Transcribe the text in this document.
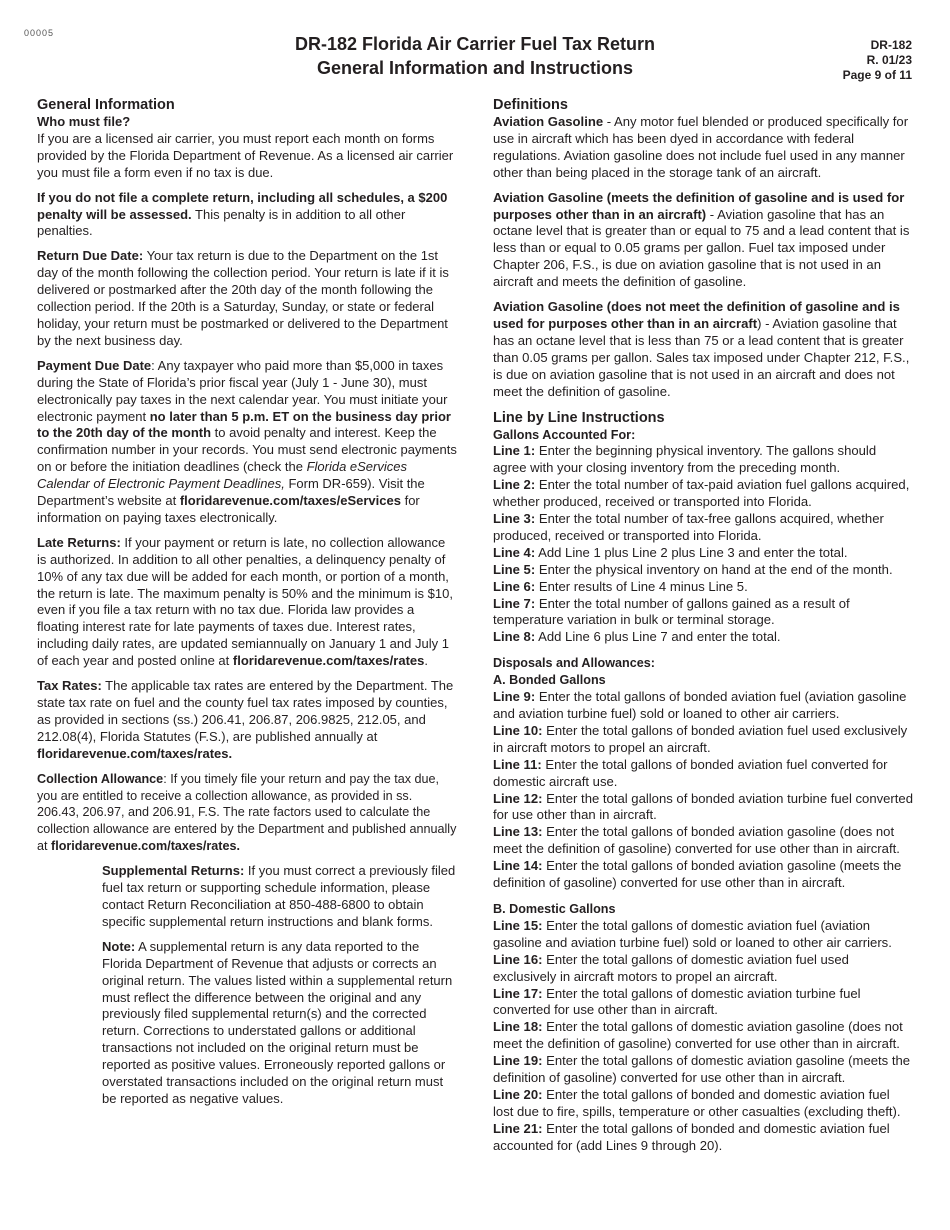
00005
DR-182 Florida Air Carrier Fuel Tax Return
General Information and Instructions
DR-182
R. 01/23
Page 9 of 11
General Information

Who must file?
If you are a licensed air carrier, you must report each month on forms provided by the Florida Department of Revenue. As a licensed air carrier you must file a form even if no tax is due.

If you do not file a complete return, including all schedules, a $200 penalty will be assessed. This penalty is in addition to all other penalties.

Return Due Date: Your tax return is due to the Department on the 1st day of the month following the collection period. Your return is late if it is delivered or postmarked after the 20th day of the month following the collection period. If the 20th is a Saturday, Sunday, or state or federal holiday, your return must be postmarked or delivered to the Department by the next business day.

Payment Due Date: Any taxpayer who paid more than $5,000 in taxes during the State of Florida’s prior fiscal year (July 1 - June 30), must electronically pay taxes in the next calendar year. You must initiate your electronic payment no later than 5 p.m. ET on the business day prior to the 20th day of the month to avoid penalty and interest. Keep the confirmation number in your records. You must send electronic payments on or before the initiation deadlines (check the Florida eServices Calendar of Electronic Payment Deadlines, Form DR-659). Visit the Department’s website at floridarevenue.com/taxes/eServices for information on paying taxes electronically.

Late Returns: If your payment or return is late, no collection allowance is authorized. In addition to all other penalties, a delinquency penalty of 10% of any tax due will be added for each month, or portion of a month, the return is late. The maximum penalty is 50% and the minimum is $10, even if you file a tax return with no tax due. Florida law provides a floating interest rate for late payments of taxes due. Interest rates, including daily rates, are updated semiannually on January 1 and July 1 of each year and posted online at floridarevenue.com/taxes/rates.

Tax Rates: The applicable tax rates are entered by the Department. The state tax rate on fuel and the county fuel tax rates imposed by counties, as provided in sections (ss.) 206.41, 206.87, 206.9825, 212.05, and 212.08(4), Florida Statutes (F.S.), are published annually at floridarevenue.com/taxes/rates.

Collection Allowance: If you timely file your return and pay the tax due, you are entitled to receive a collection allowance, as provided in ss. 206.43, 206.97, and 206.91, F.S. The rate factors used to calculate the collection allowance are entered by the Department and published annually at floridarevenue.com/taxes/rates.

Supplemental Returns: If you must correct a previously filed fuel tax return or supporting schedule information, please contact Return Reconciliation at 850-488-6800 to obtain specific supplemental return instructions and blank forms.

Note: A supplemental return is any data reported to the Florida Department of Revenue that adjusts or corrects an original return. The values listed within a supplemental return must reflect the difference between the original and any previously filed supplemental return(s) and the corrected return. Corrections to understated gallons or additional transactions not included on the original return must be reported as positive values. Erroneously reported gallons or overstated transactions included on the original return must be reported as negative values.

Definitions

Aviation Gasoline - Any motor fuel blended or produced specifically for use in aircraft which has been dyed in accordance with federal regulations. Aviation gasoline does not include fuel used in any manner other than being placed in the storage tank of an aircraft.

Aviation Gasoline (meets the definition of gasoline and is used for purposes other than in an aircraft) - Aviation gasoline that has an octane level that is greater than or equal to 75 and a lead content that is less than or equal to 0.05 grams per gallon. Fuel tax imposed under Chapter 206, F.S., is due on aviation gasoline that is not used in an aircraft and meets the definition of gasoline.

Aviation Gasoline (does not meet the definition of gasoline and is used for purposes other than in an aircraft) - Aviation gasoline that has an octane level that is less than 75 or a lead content that is greater than 0.05 grams per gallon. Sales tax imposed under Chapter 212, F.S., is due on aviation gasoline that is not used in an aircraft and does not meet the definition of gasoline.

Line by Line Instructions
Gallons Accounted For:

Line 1: Enter the beginning physical inventory. The gallons should agree with your closing inventory from the preceding month.

Line 2: Enter the total number of tax-paid aviation fuel gallons acquired, whether produced, received or transported into Florida.

Line 3: Enter the total number of tax-free gallons acquired, whether produced, received or transported into Florida.

Line 4: Add Line 1 plus Line 2 plus Line 3 and enter the total.

Line 5: Enter the physical inventory on hand at the end of the month.

Line 6: Enter results of Line 4 minus Line 5.

Line 7: Enter the total number of gallons gained as a result of temperature variation in bulk or terminal storage.

Line 8: Add Line 6 plus Line 7 and enter the total.

Disposals and Allowances:
A. Bonded Gallons

Line 9: Enter the total gallons of bonded aviation fuel (aviation gasoline and aviation turbine fuel) sold or loaned to other air carriers.

Line 10: Enter the total gallons of bonded aviation fuel used exclusively in aircraft motors to propel an aircraft.

Line 11: Enter the total gallons of bonded aviation fuel converted for domestic aircraft use.

Line 12: Enter the total gallons of bonded aviation turbine fuel converted for use other than in aircraft.

Line 13: Enter the total gallons of bonded aviation gasoline (does not meet the definition of gasoline) converted for use other than in aircraft.

Line 14: Enter the total gallons of bonded aviation gasoline (meets the definition of gasoline) converted for use other than in aircraft.

B. Domestic Gallons

Line 15: Enter the total gallons of domestic aviation fuel (aviation gasoline and aviation turbine fuel) sold or loaned to other air carriers.

Line 16: Enter the total gallons of domestic aviation fuel used exclusively in aircraft motors to propel an aircraft.

Line 17: Enter the total gallons of domestic aviation turbine fuel converted for use other than in aircraft.

Line 18: Enter the total gallons of domestic aviation gasoline (does not meet the definition of gasoline) converted for use other than in aircraft.

Line 19: Enter the total gallons of domestic aviation gasoline (meets the definition of gasoline) converted for use other than in aircraft.

Line 20: Enter the total gallons of bonded and domestic aviation fuel lost due to fire, spills, temperature or other casualties (excluding theft).

Line 21: Enter the total gallons of bonded and domestic aviation fuel accounted for (add Lines 9 through 20).
